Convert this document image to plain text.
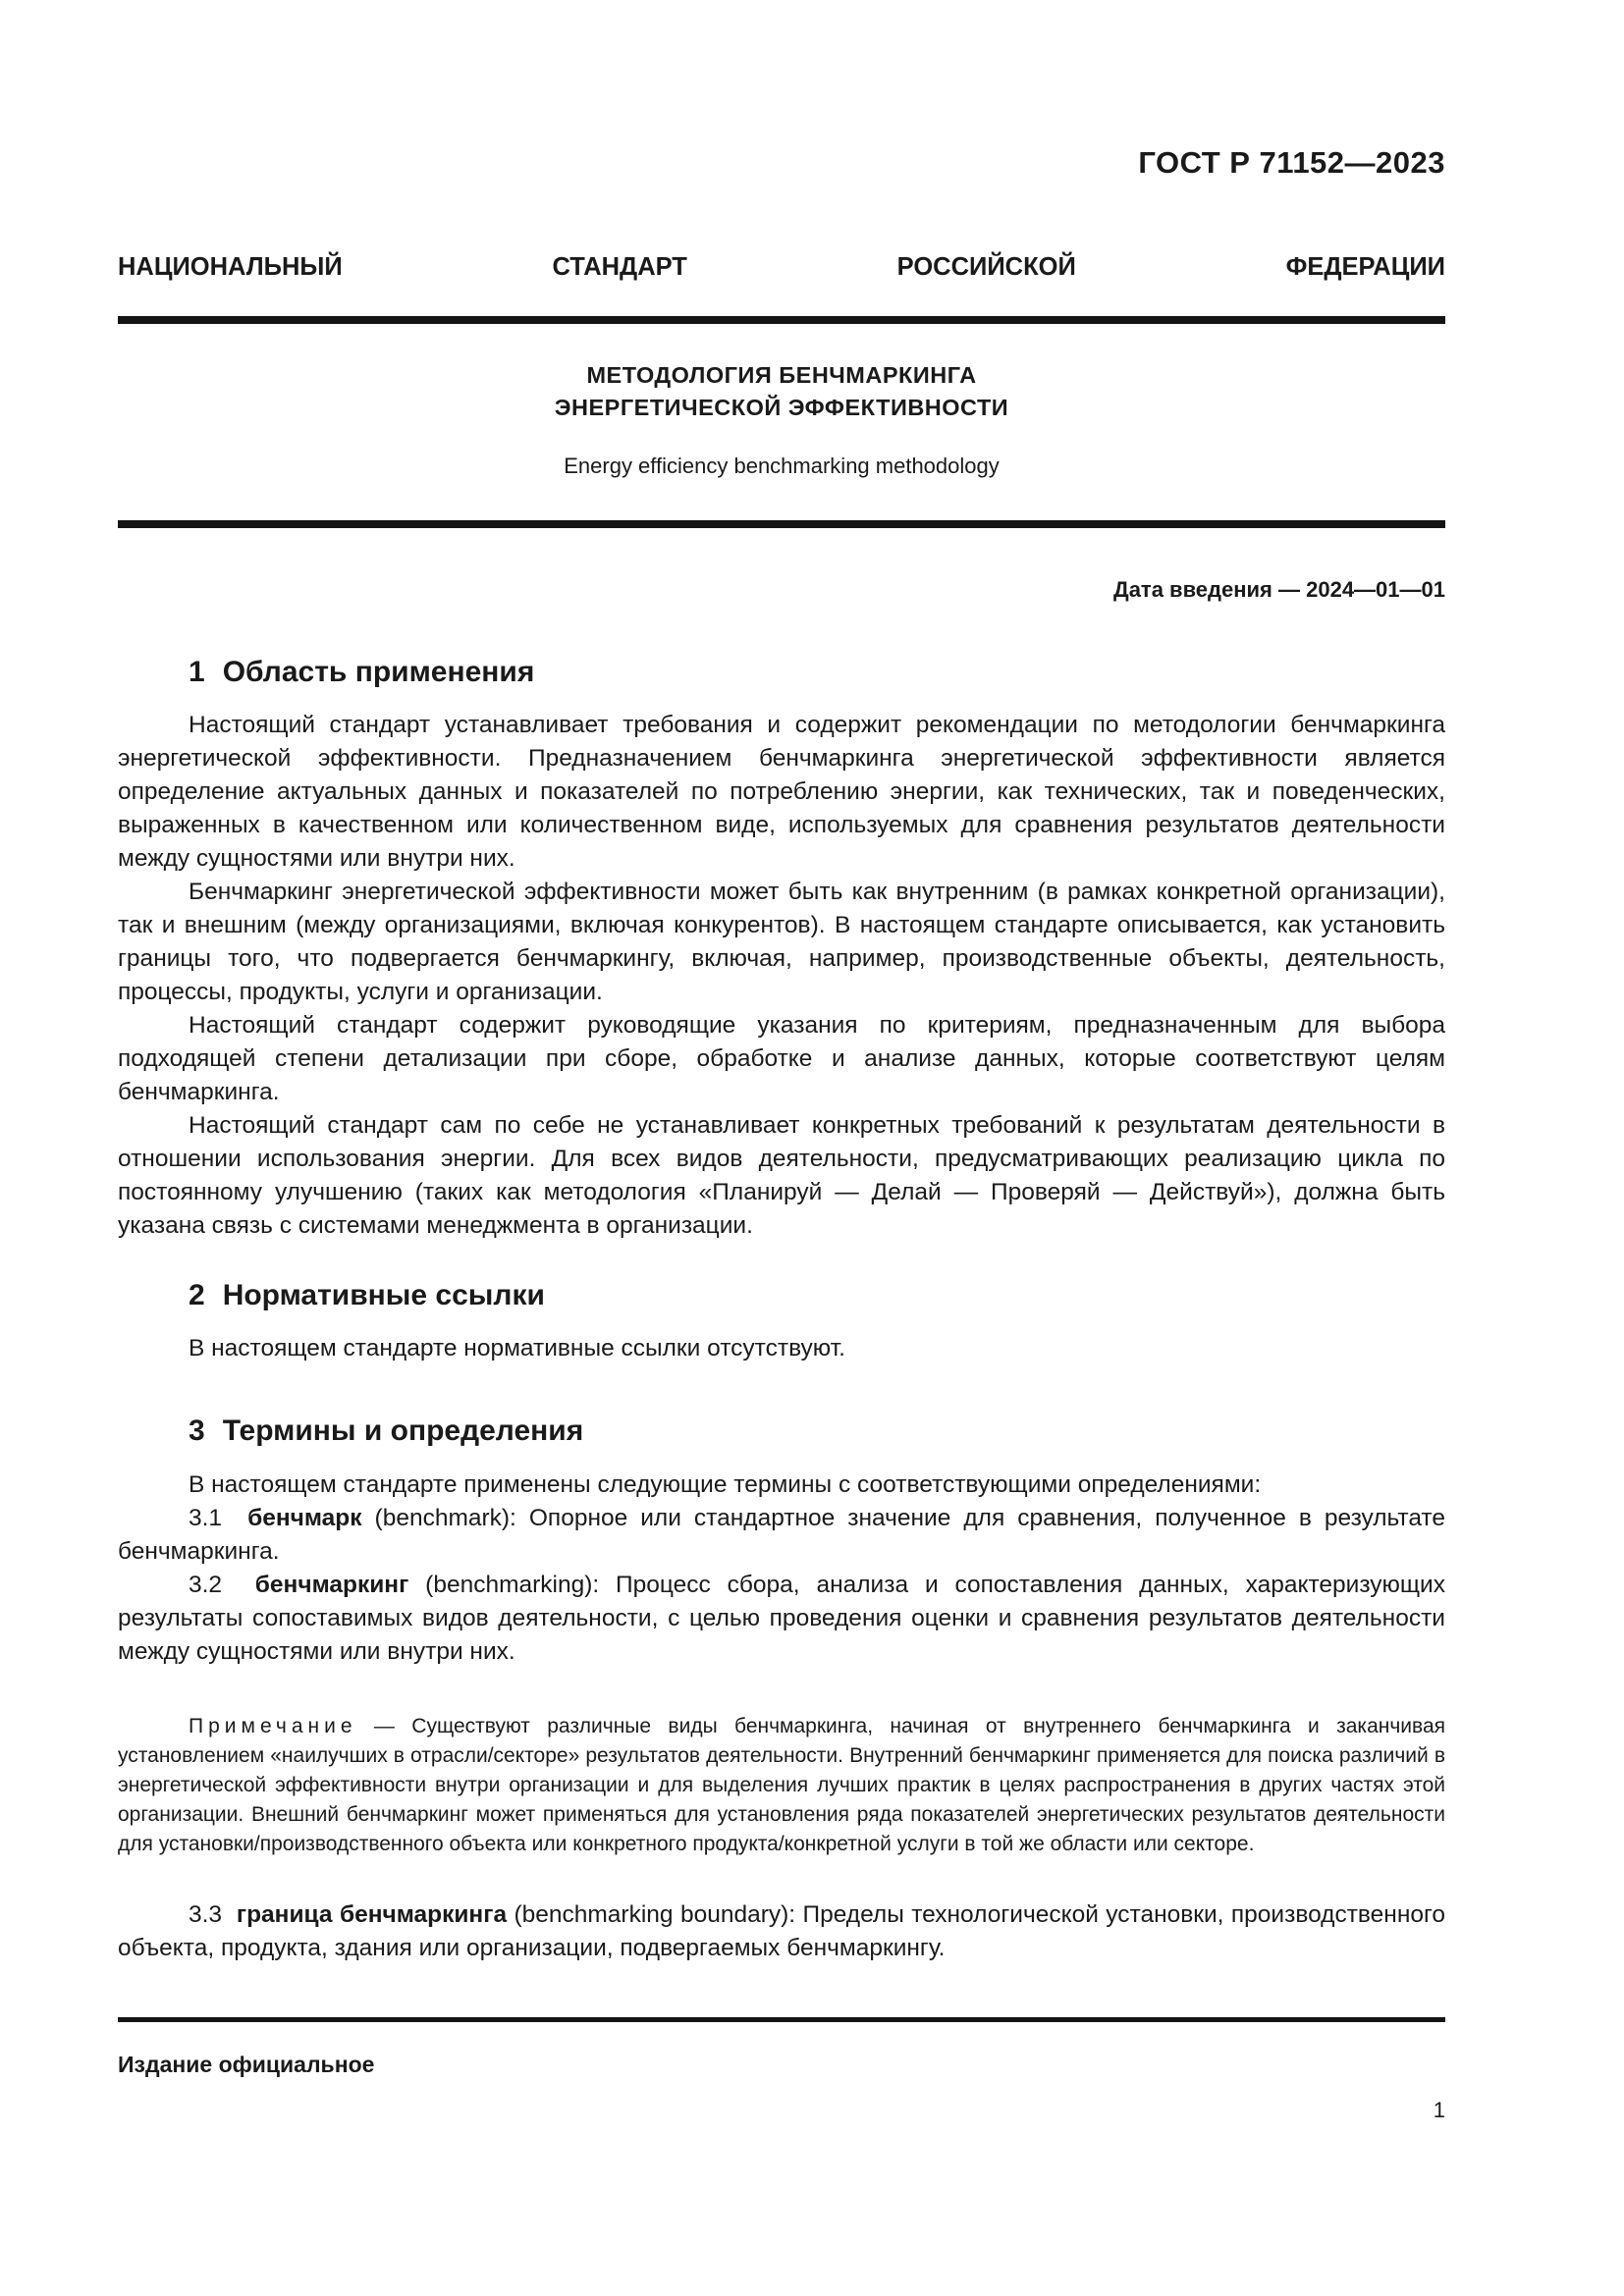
ГОСТ Р 71152—2023
НАЦИОНАЛЬНЫЙ СТАНДАРТ РОССИЙСКОЙ ФЕДЕРАЦИИ
МЕТОДОЛОГИЯ БЕНЧМАРКИНГА
ЭНЕРГЕТИЧЕСКОЙ ЭФФЕКТИВНОСТИ
Energy efficiency benchmarking methodology
Дата введения — 2024—01—01
1 Область применения

Настоящий стандарт устанавливает требования и содержит рекомендации по методологии бенчмаркинга энергетической эффективности. Предназначением бенчмаркинга энергетической эффективности является определение актуальных данных и показателей по потреблению энергии, как технических, так и поведенческих, выраженных в качественном или количественном виде, используемых для сравнения результатов деятельности между сущностями или внутри них.

Бенчмаркинг энергетической эффективности может быть как внутренним (в рамках конкретной организации), так и внешним (между организациями, включая конкурентов). В настоящем стандарте описывается, как установить границы того, что подвергается бенчмаркингу, включая, например, производственные объекты, деятельность, процессы, продукты, услуги и организации.

Настоящий стандарт содержит руководящие указания по критериям, предназначенным для выбора подходящей степени детализации при сборе, обработке и анализе данных, которые соответствуют целям бенчмаркинга.

Настоящий стандарт сам по себе не устанавливает конкретных требований к результатам деятельности в отношении использования энергии. Для всех видов деятельности, предусматривающих реализацию цикла по постоянному улучшению (таких как методология «Планируй — Делай — Проверяй — Действуй»), должна быть указана связь с системами менеджмента в организации.

2 Нормативные ссылки

В настоящем стандарте нормативные ссылки отсутствуют.

3 Термины и определения

В настоящем стандарте применены следующие термины с соответствующими определениями:

3.1 бенчмарк (benchmark): Опорное или стандартное значение для сравнения, полученное в результате бенчмаркинга.

3.2 бенчмаркинг (benchmarking): Процесс сбора, анализа и сопоставления данных, характеризующих результаты сопоставимых видов деятельности, с целью проведения оценки и сравнения результатов деятельности между сущностями или внутри них.

Примечание — Существуют различные виды бенчмаркинга, начиная от внутреннего бенчмаркинга и заканчивая установлением «наилучших в отрасли/секторе» результатов деятельности. Внутренний бенчмаркинг применяется для поиска различий в энергетической эффективности внутри организации и для выделения лучших практик в целях распространения в других частях этой организации. Внешний бенчмаркинг может применяться для установления ряда показателей энергетических результатов деятельности для установки/производственного объекта или конкретного продукта/конкретной услуги в той же области или секторе.

3.3 граница бенчмаркинга (benchmarking boundary): Пределы технологической установки, производственного объекта, продукта, здания или организации, подвергаемых бенчмаркингу.

Издание официальное
1
